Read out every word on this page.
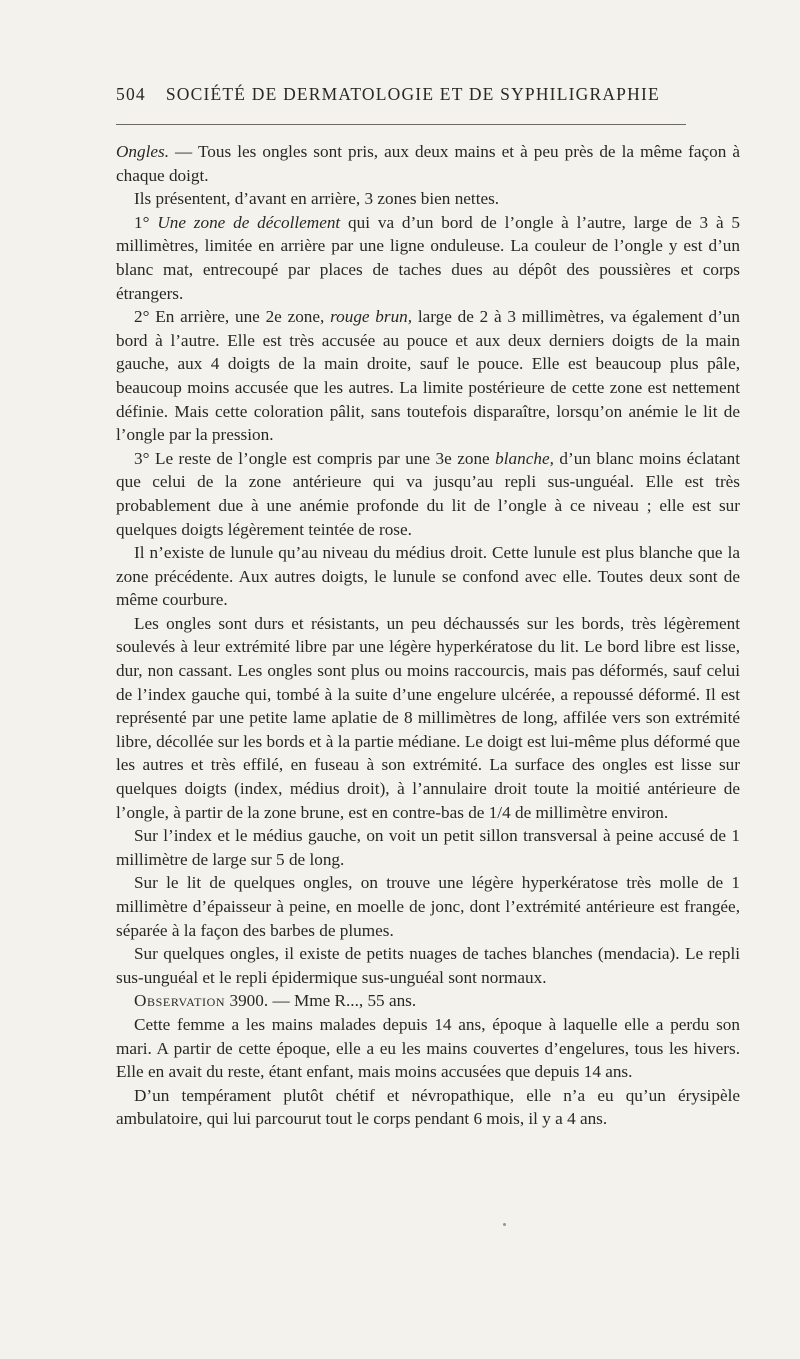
504 SOCIÉTÉ DE DERMATOLOGIE ET DE SYPHILIGRAPHIE

Ongles. — Tous les ongles sont pris, aux deux mains et à peu près de la même façon à chaque doigt.

Ils présentent, d’avant en arrière, 3 zones bien nettes.

1° Une zone de décollement qui va d’un bord de l’ongle à l’autre, large de 3 à 5 millimètres, limitée en arrière par une ligne onduleuse. La couleur de l’ongle y est d’un blanc mat, entrecoupé par places de taches dues au dépôt des poussières et corps étrangers.

2° En arrière, une 2e zone, rouge brun, large de 2 à 3 millimètres, va également d’un bord à l’autre. Elle est très accusée au pouce et aux deux derniers doigts de la main gauche, aux 4 doigts de la main droite, sauf le pouce. Elle est beaucoup plus pâle, beaucoup moins accusée que les autres. La limite postérieure de cette zone est nettement définie. Mais cette coloration pâlit, sans toutefois disparaître, lorsqu’on anémie le lit de l’ongle par la pression.

3° Le reste de l’ongle est compris par une 3e zone blanche, d’un blanc moins éclatant que celui de la zone antérieure qui va jusqu’au repli sus-unguéal. Elle est très probablement due à une anémie profonde du lit de l’ongle à ce niveau ; elle est sur quelques doigts légèrement teintée de rose.

Il n’existe de lunule qu’au niveau du médius droit. Cette lunule est plus blanche que la zone précédente. Aux autres doigts, le lunule se confond avec elle. Toutes deux sont de même courbure.

Les ongles sont durs et résistants, un peu déchaussés sur les bords, très légèrement soulevés à leur extrémité libre par une légère hyperkératose du lit. Le bord libre est lisse, dur, non cassant. Les ongles sont plus ou moins raccourcis, mais pas déformés, sauf celui de l’index gauche qui, tombé à la suite d’une engelure ulcérée, a repoussé déformé. Il est représenté par une petite lame aplatie de 8 millimètres de long, affilée vers son extrémité libre, décollée sur les bords et à la partie médiane. Le doigt est lui-même plus déformé que les autres et très effilé, en fuseau à son extrémité. La surface des ongles est lisse sur quelques doigts (index, médius droit), à l’annulaire droit toute la moitié antérieure de l’ongle, à partir de la zone brune, est en contre-bas de 1/4 de millimètre environ.

Sur l’index et le médius gauche, on voit un petit sillon transversal à peine accusé de 1 millimètre de large sur 5 de long.

Sur le lit de quelques ongles, on trouve une légère hyperkératose très molle de 1 millimètre d’épaisseur à peine, en moelle de jonc, dont l’extrémité antérieure est frangée, séparée à la façon des barbes de plumes.

Sur quelques ongles, il existe de petits nuages de taches blanches (mendacia). Le repli sus-unguéal et le repli épidermique sus-unguéal sont normaux.

Observation 3900. — Mme R..., 55 ans.

Cette femme a les mains malades depuis 14 ans, époque à laquelle elle a perdu son mari. A partir de cette époque, elle a eu les mains couvertes d’engelures, tous les hivers. Elle en avait du reste, étant enfant, mais moins accusées que depuis 14 ans.

D’un tempérament plutôt chétif et névropathique, elle n’a eu qu’un érysipèle ambulatoire, qui lui parcourut tout le corps pendant 6 mois, il y a 4 ans.
